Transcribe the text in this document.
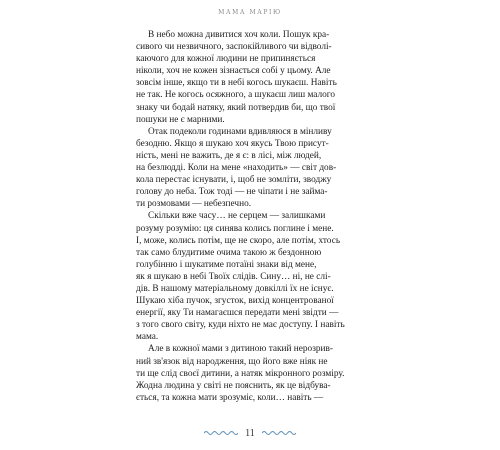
МАМА МАРІЮ
В небо можна дивитися хоч коли. Пошук кра-
сивого чи незвичного, заспокійливого чи відволі-
каючого для кожної людини не припиняється
ніколи, хоч не кожен зізнається собі у цьому. Але
зовсім інше, якщо ти в небі когось шукаєш. Навіть
не так. Не когось осяжного, а шукаєш лиш малого
знаку чи бодай натяку, який потвердив би, що твої
пошуки не є марними.
Отак подеколи годинами вдивляюся в мінливу
безодню. Якщо я шукаю хоч якусь Твою присут-
ність, мені не важить, де я є: в лісі, між людей,
на безлюдді. Коли на мене «находить» — світ дов-
кола перестає існувати, і, щоб не зомліти, зводжу
голову до неба. Тож тоді — не чіпати і не займа-
ти розмовами — небезпечно.
Скільки вже часу… не серцем — залишками
розуму розумію: ця синява колись поглине і мене.
І, може, колись потім, ще не скоро, але потім, хтось
так само блудитиме очима такою ж бездонною
голубінню і шукатиме потаїні знаки від мене,
як я шукаю в небі Твоїх слідів. Сину… ні, не слі-
дів. В нашому матеріальному довкіллі їх не існує.
Шукаю хіба пучок, згусток, вихід концентрованої
енергії, яку Ти намагаєшся передати мені звідти —
з того свого світу, куди ніхто не має доступу. І навіть
мама.
Але в кожної мами з дитиною такий нерозрив-
ний зв'язок від народження, що його вже ніяк не
ти ще слід своєї дитини, а натяк мікронного розміру.
Жодна людина у світі не пояснить, як це відбува-
ється, та кожна мати зрозуміє, коли… навіть —
11
